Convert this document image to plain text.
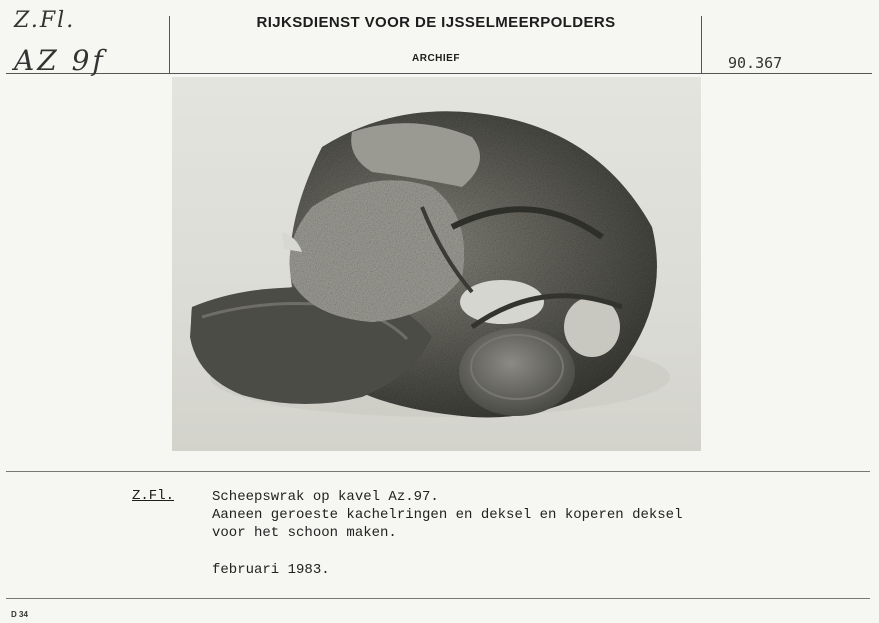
Z.Fl.
AZ 9f
RIJKSDIENST VOOR DE IJSSELMEERPOLDERS
ARCHIEF	90.367
Z.Fl.	Scheepswrak op kavel Az.97.
Aaneen geroeste kachelringen en deksel en koperen deksel
voor het schoon maken.
februari 1983.
D 34
